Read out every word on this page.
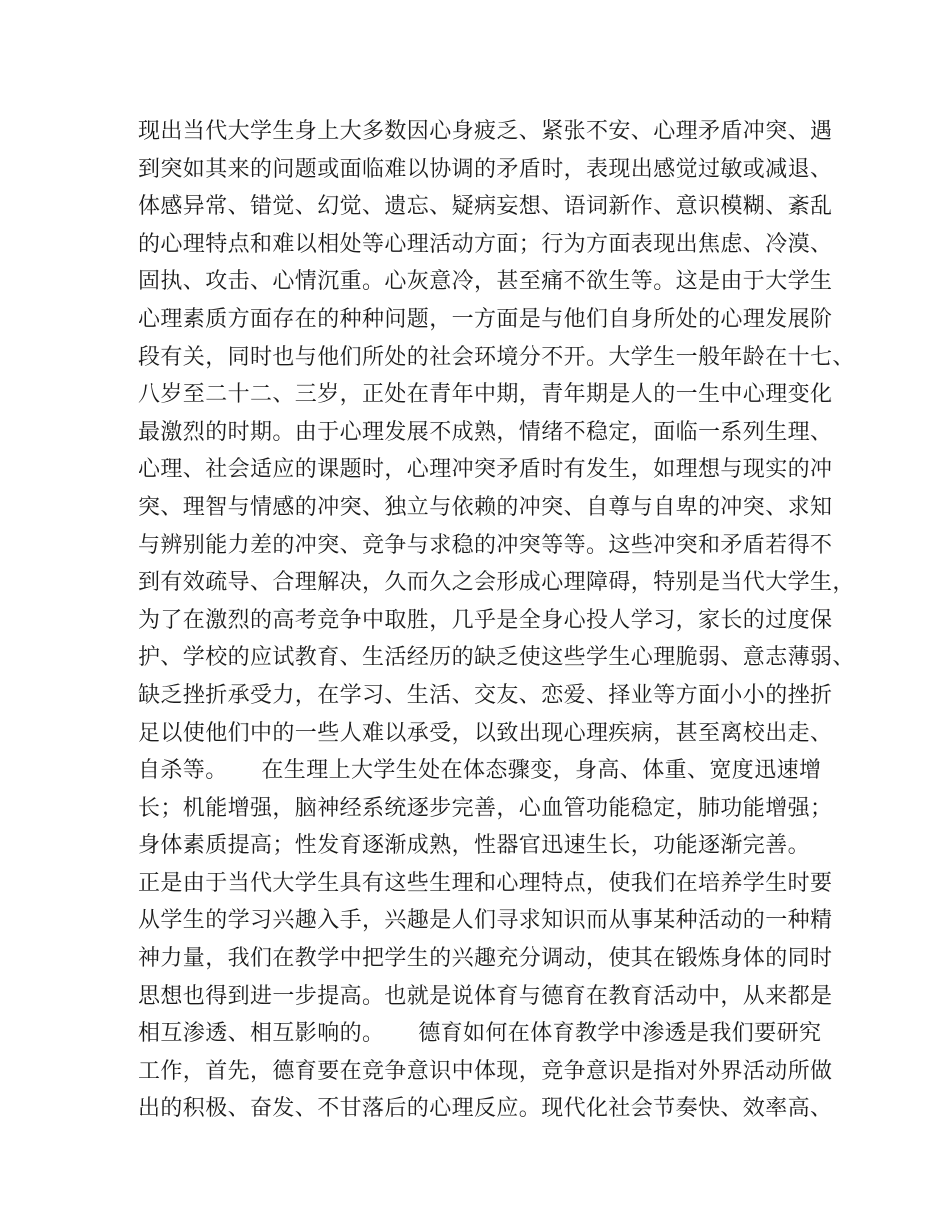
现出当代大学生身上大多数因心身疲乏、紧张不安、心理矛盾冲突、遇
到突如其来的问题或面临难以协调的矛盾时，表现出感觉过敏或减退、
体感异常、错觉、幻觉、遗忘、疑病妄想、语词新作、意识模糊、紊乱
的心理特点和难以相处等心理活动方面；行为方面表现出焦虑、冷漠、
固执、攻击、心情沉重。心灰意冷，甚至痛不欲生等。这是由于大学生
心理素质方面存在的种种问题，一方面是与他们自身所处的心理发展阶
段有关，同时也与他们所处的社会环境分不开。大学生一般年龄在十七、
八岁至二十二、三岁，正处在青年中期，青年期是人的一生中心理变化
最激烈的时期。由于心理发展不成熟，情绪不稳定，面临一系列生理、
心理、社会适应的课题时，心理冲突矛盾时有发生，如理想与现实的冲
突、理智与情感的冲突、独立与依赖的冲突、自尊与自卑的冲突、求知
与辨别能力差的冲突、竞争与求稳的冲突等等。这些冲突和矛盾若得不
到有效疏导、合理解决，久而久之会形成心理障碍，特别是当代大学生，
为了在激烈的高考竞争中取胜，几乎是全身心投人学习，家长的过度保
护、学校的应试教育、生活经历的缺乏使这些学生心理脆弱、意志薄弱、
缺乏挫折承受力，在学习、生活、交友、恋爱、择业等方面小小的挫折
足以使他们中的一些人难以承受，以致出现心理疾病，甚至离校出走、
自杀等。　　在生理上大学生处在体态骤变，身高、体重、宽度迅速增
长；机能增强，脑神经系统逐步完善，心血管功能稳定，肺功能增强；
身体素质提高；性发育逐渐成熟，性器官迅速生长，功能逐渐完善。
正是由于当代大学生具有这些生理和心理特点，使我们在培养学生时要
从学生的学习兴趣入手，兴趣是人们寻求知识而从事某种活动的一种精
神力量，我们在教学中把学生的兴趣充分调动，使其在锻炼身体的同时
思想也得到进一步提高。也就是说体育与德育在教育活动中，从来都是
相互渗透、相互影响的。　　德育如何在体育教学中渗透是我们要研究
工作，首先，德育要在竞争意识中体现，竞争意识是指对外界活动所做
出的积极、奋发、不甘落后的心理反应。现代化社会节奏快、效率高、
